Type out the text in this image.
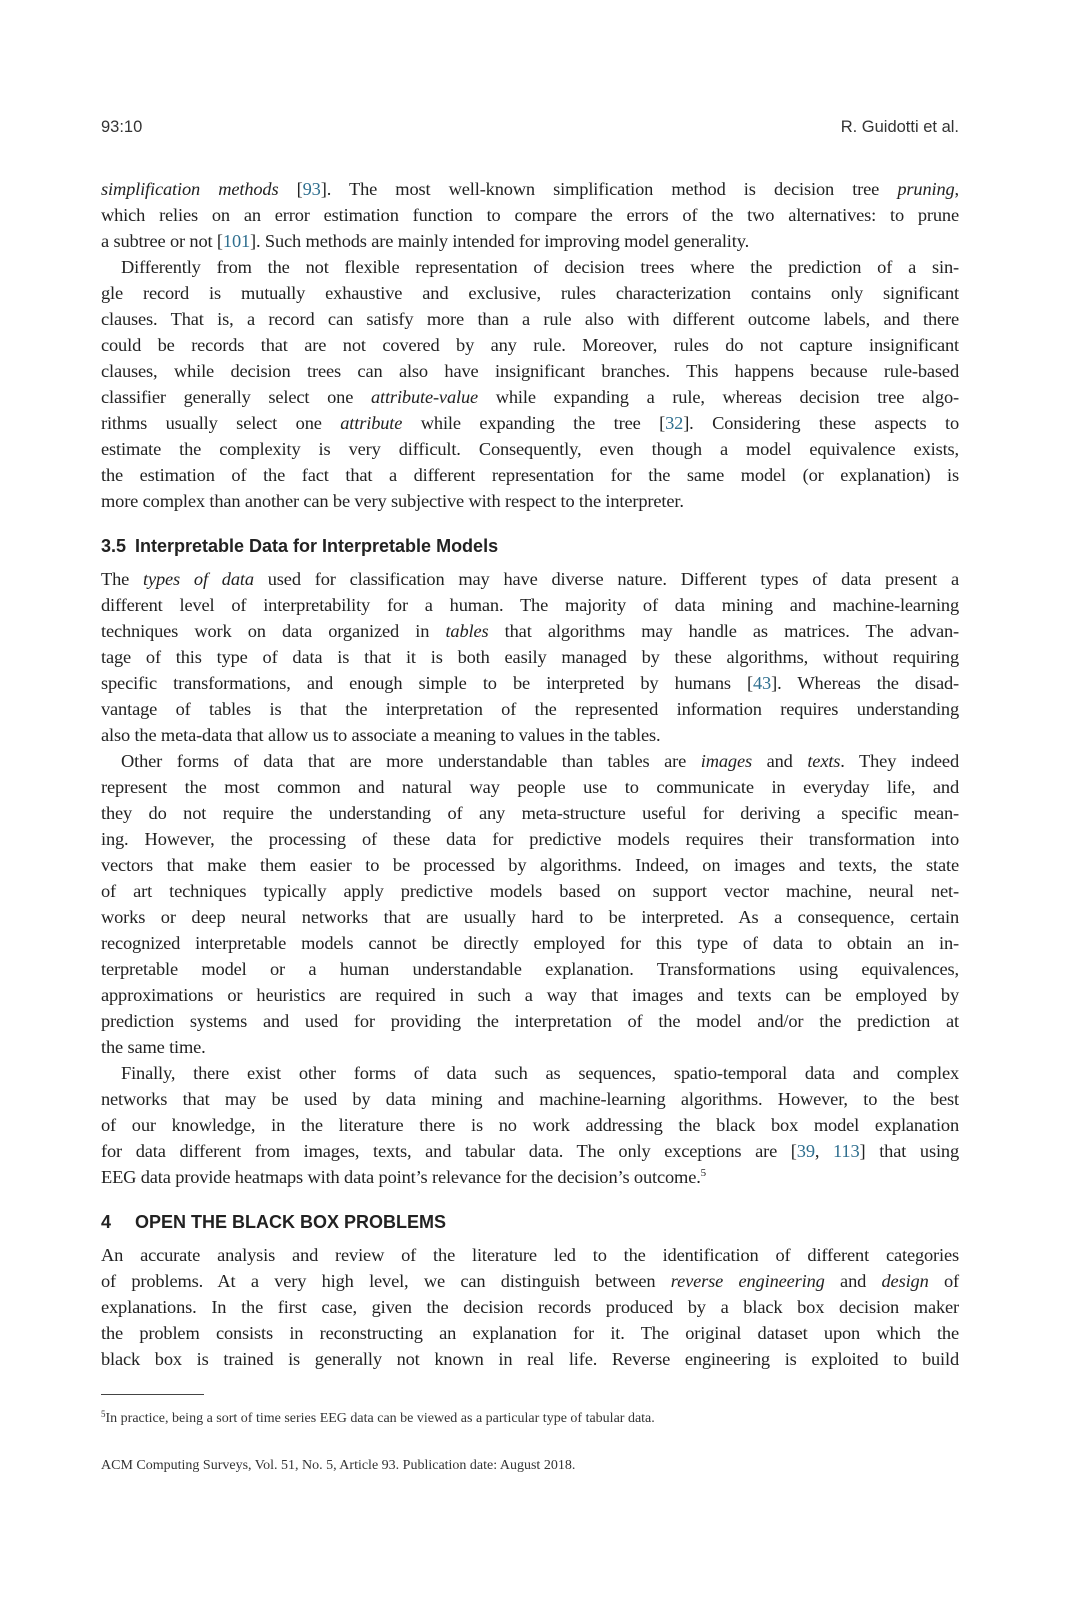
93:10	R. Guidotti et al.
simplification methods [93]. The most well-known simplification method is decision tree pruning,
which relies on an error estimation function to compare the errors of the two alternatives: to prune
a subtree or not [101]. Such methods are mainly intended for improving model generality.
Differently from the not flexible representation of decision trees where the prediction of a sin-
gle record is mutually exhaustive and exclusive, rules characterization contains only significant
clauses. That is, a record can satisfy more than a rule also with different outcome labels, and there
could be records that are not covered by any rule. Moreover, rules do not capture insignificant
clauses, while decision trees can also have insignificant branches. This happens because rule-based
classifier generally select one attribute-value while expanding a rule, whereas decision tree algo-
rithms usually select one attribute while expanding the tree [32]. Considering these aspects to
estimate the complexity is very difficult. Consequently, even though a model equivalence exists,
the estimation of the fact that a different representation for the same model (or explanation) is
more complex than another can be very subjective with respect to the interpreter.
3.5 Interpretable Data for Interpretable Models
The types of data used for classification may have diverse nature. Different types of data present a
different level of interpretability for a human. The majority of data mining and machine-learning
techniques work on data organized in tables that algorithms may handle as matrices. The advan-
tage of this type of data is that it is both easily managed by these algorithms, without requiring
specific transformations, and enough simple to be interpreted by humans [43]. Whereas the disad-
vantage of tables is that the interpretation of the represented information requires understanding
also the meta-data that allow us to associate a meaning to values in the tables.
Other forms of data that are more understandable than tables are images and texts. They indeed
represent the most common and natural way people use to communicate in everyday life, and
they do not require the understanding of any meta-structure useful for deriving a specific mean-
ing. However, the processing of these data for predictive models requires their transformation into
vectors that make them easier to be processed by algorithms. Indeed, on images and texts, the state
of art techniques typically apply predictive models based on support vector machine, neural net-
works or deep neural networks that are usually hard to be interpreted. As a consequence, certain
recognized interpretable models cannot be directly employed for this type of data to obtain an in-
terpretable model or a human understandable explanation. Transformations using equivalences,
approximations or heuristics are required in such a way that images and texts can be employed by
prediction systems and used for providing the interpretation of the model and/or the prediction at
the same time.
Finally, there exist other forms of data such as sequences, spatio-temporal data and complex
networks that may be used by data mining and machine-learning algorithms. However, to the best
of our knowledge, in the literature there is no work addressing the black box model explanation
for data different from images, texts, and tabular data. The only exceptions are [39, 113] that using
EEG data provide heatmaps with data point’s relevance for the decision’s outcome.$^5$
4 OPEN THE BLACK BOX PROBLEMS
An accurate analysis and review of the literature led to the identification of different categories
of problems. At a very high level, we can distinguish between reverse engineering and design of
explanations. In the first case, given the decision records produced by a black box decision maker
the problem consists in reconstructing an explanation for it. The original dataset upon which the
black box is trained is generally not known in real life. Reverse engineering is exploited to build
$^5$In practice, being a sort of time series EEG data can be viewed as a particular type of tabular data.
ACM Computing Surveys, Vol. 51, No. 5, Article 93. Publication date: August 2018.
